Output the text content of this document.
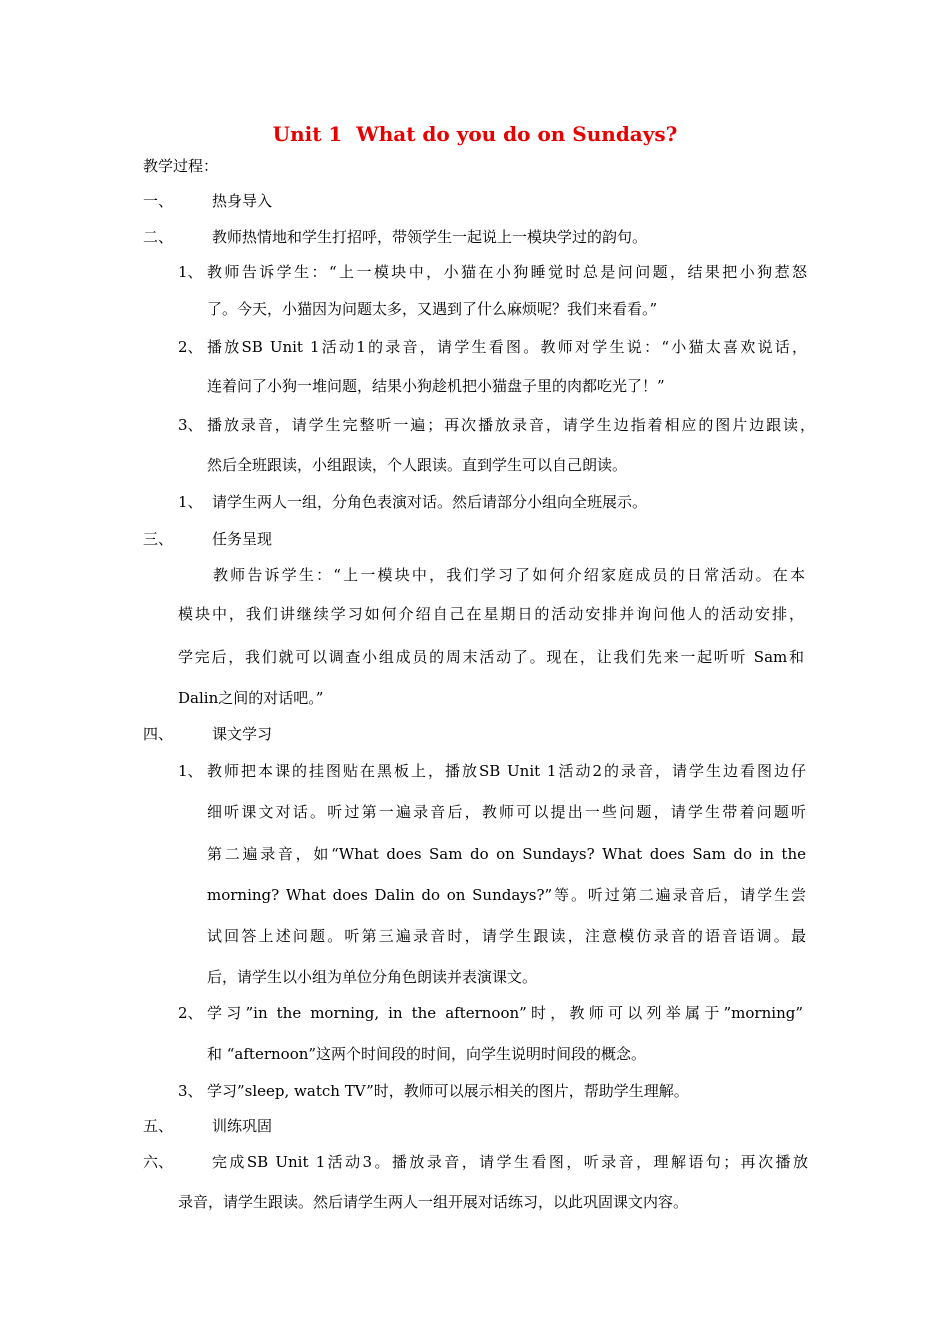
Unit 1  What do you do on Sundays?
教学过程：
一、	热身导入
二、	教师热情地和学生打招呼，带领学生一起说上一模块学过的韵句。
1、 教师告诉学生：“上一模块中，小猫在小狗睡觉时总是问问题，结果把小狗惹怒
了。今天，小猫因为问题太多，又遇到了什么麻烦呢？我们来看看。”
2、 播放SB Unit 1活动1的录音，请学生看图。教师对学生说：“小猫太喜欢说话，
连着问了小狗一堆问题，结果小狗趁机把小猫盘子里的肉都吃光了！”
3、 播放录音，请学生完整听一遍；再次播放录音，请学生边指着相应的图片边跟读，
然后全班跟读，小组跟读，个人跟读。直到学生可以自己朗读。
1、 请学生两人一组，分角色表演对话。然后请部分小组向全班展示。
三、	任务呈现
教师告诉学生：“上一模块中，我们学习了如何介绍家庭成员的日常活动。在本
模块中，我们讲继续学习如何介绍自己在星期日的活动安排并询问他人的活动安排，
学完后，我们就可以调查小组成员的周末活动了。现在，让我们先来一起听听 Sam和
Dalin之间的对话吧。”
四、	课文学习
1、 教师把本课的挂图贴在黑板上，播放SB Unit 1活动2的录音，请学生边看图边仔
细听课文对话。听过第一遍录音后，教师可以提出一些问题，请学生带着问题听
第二遍录音，如“What does Sam do on Sundays? What does Sam do in the
morning? What does Dalin do on Sundays?”等。听过第二遍录音后，请学生尝
试回答上述问题。听第三遍录音时，请学生跟读，注意模仿录音的语音语调。最
后，请学生以小组为单位分角色朗读并表演课文。
2、 学习”in the morning, in the afternoon”时，教师可以列举属于”morning”
和 “afternoon”这两个时间段的时间，向学生说明时间段的概念。
3、 学习”sleep, watch TV”时，教师可以展示相关的图片，帮助学生理解。
五、	训练巩固
六、	完成SB Unit 1活动3。播放录音，请学生看图，听录音，理解语句；再次播放
录音，请学生跟读。然后请学生两人一组开展对话练习，以此巩固课文内容。
